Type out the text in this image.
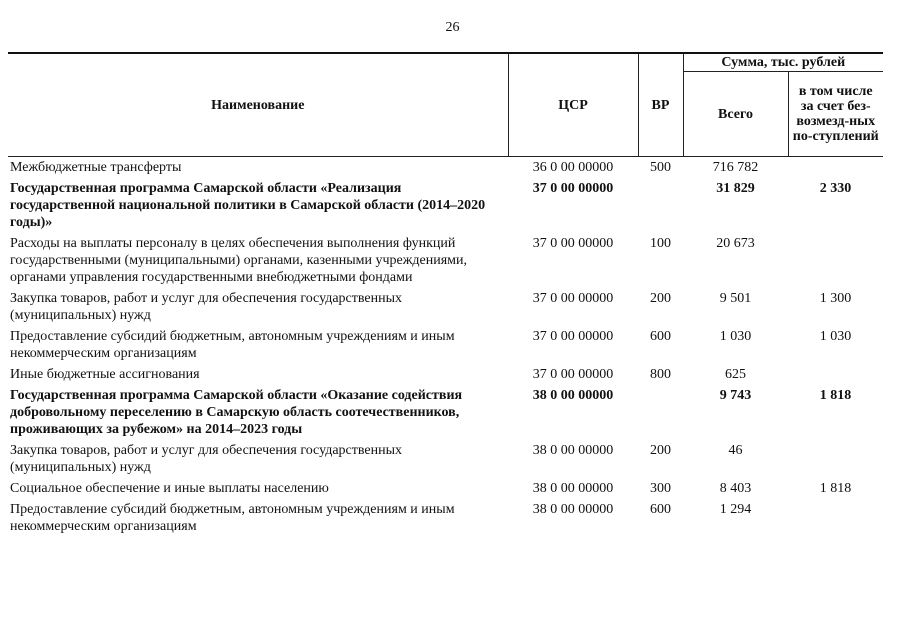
26
Наименование	ЦСР	ВР	Сумма, тыс. рублей	
			Всего	в том числе за счет без-возмезд-ных по-ступлений
Межбюджетные трансферты	36 0 00 00000	500	716 782	
Государственная программа Самарской области «Реализация государственной национальной политики в Самарской области (2014–2020 годы)»	37 0 00 00000		31 829	2 330
Расходы на выплаты персоналу в целях обеспечения выполнения функций государственными (муниципальными) органами, казенными учреждениями, органами управления государственными внебюджетными фондами	37 0 00 00000	100	20 673	
Закупка товаров, работ и услуг для обеспечения государственных (муниципальных) нужд	37 0 00 00000	200	9 501	1 300
Предоставление субсидий бюджетным, автономным учреждениям и иным некоммерческим организациям	37 0 00 00000	600	1 030	1 030
Иные бюджетные ассигнования	37 0 00 00000	800	625	
Государственная программа Самарской области «Оказание содействия добровольному переселению в Самарскую область соотечественников, проживающих за рубежом» на 2014–2023 годы	38 0 00 00000		9 743	1 818
Закупка товаров, работ и услуг для обеспечения государственных (муниципальных) нужд	38 0 00 00000	200	46	
Социальное обеспечение и иные выплаты населению	38 0 00 00000	300	8 403	1 818
Предоставление субсидий бюджетным, автономным учреждениям и иным некоммерческим организациям	38 0 00 00000	600	1 294	
